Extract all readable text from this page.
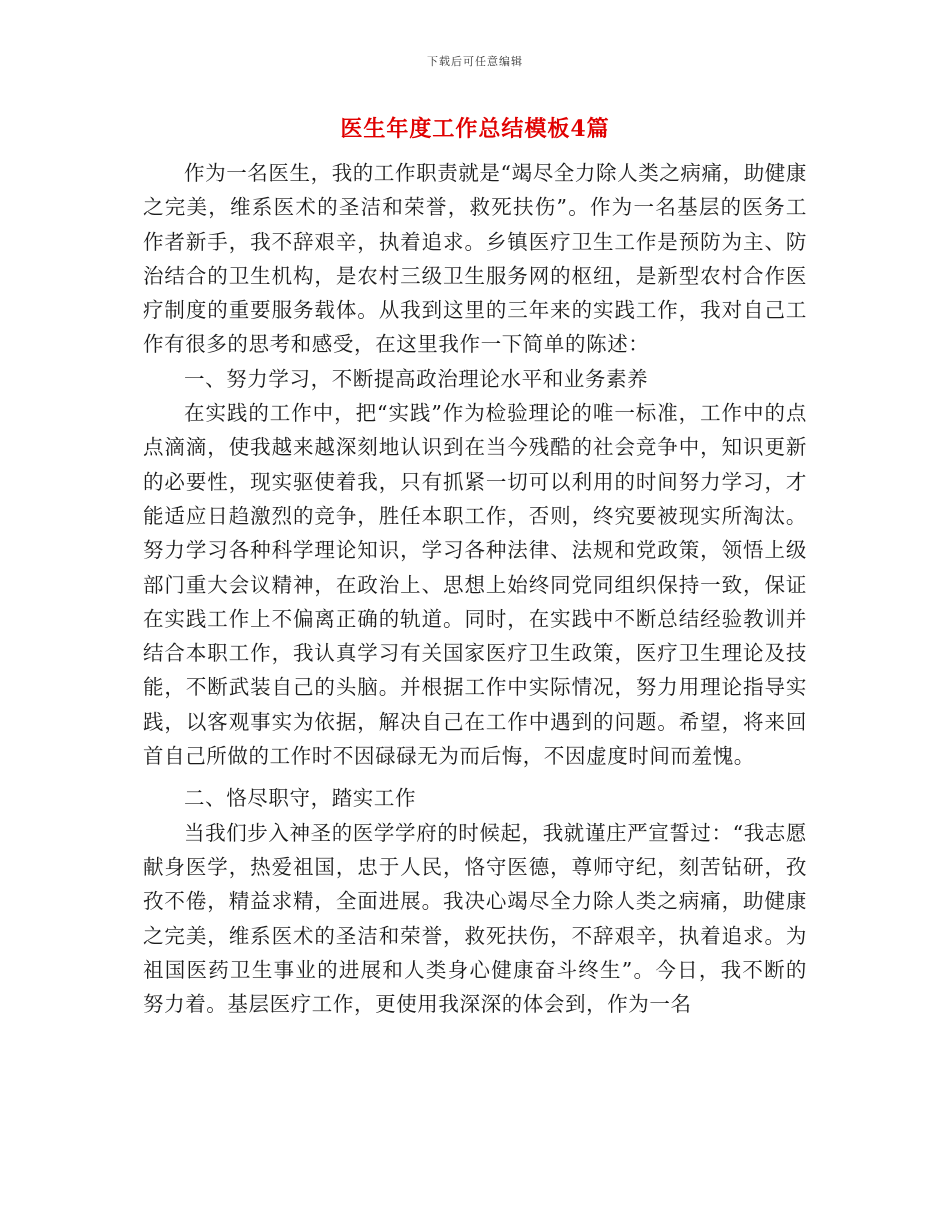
下载后可任意编辑
医生年度工作总结模板4篇

作为一名医生，我的工作职责就是“竭尽全力除人类之病痛，助健康之完美，维系医术的圣洁和荣誉，救死扶伤”。作为一名基层的医务工作者新手，我不辞艰辛，执着追求。乡镇医疗卫生工作是预防为主、防治结合的卫生机构，是农村三级卫生服务网的枢纽，是新型农村合作医疗制度的重要服务载体。从我到这里的三年来的实践工作，我对自己工作有很多的思考和感受，在这里我作一下简单的陈述：

一、努力学习，不断提高政治理论水平和业务素养

在实践的工作中，把“实践”作为检验理论的唯一标准，工作中的点点滴滴，使我越来越深刻地认识到在当今残酷的社会竞争中，知识更新的必要性，现实驱使着我，只有抓紧一切可以利用的时间努力学习，才能适应日趋激烈的竞争，胜任本职工作，否则，终究要被现实所淘汰。努力学习各种科学理论知识，学习各种法律、法规和党政策，领悟上级部门重大会议精神，在政治上、思想上始终同党同组织保持一致，保证在实践工作上不偏离正确的轨道。同时，在实践中不断总结经验教训并结合本职工作，我认真学习有关国家医疗卫生政策，医疗卫生理论及技能，不断武装自己的头脑。并根据工作中实际情况，努力用理论指导实践，以客观事实为依据，解决自己在工作中遇到的问题。希望，将来回首自己所做的工作时不因碌碌无为而后悔，不因虚度时间而羞愧。

二、恪尽职守，踏实工作

当我们步入神圣的医学学府的时候起，我就谨庄严宣誓过：“我志愿献身医学，热爱祖国，忠于人民，恪守医德，尊师守纪，刻苦钻研，孜孜不倦，精益求精，全面进展。我决心竭尽全力除人类之病痛，助健康之完美，维系医术的圣洁和荣誉，救死扶伤，不辞艰辛，执着追求。为祖国医药卫生事业的进展和人类身心健康奋斗终生”。今日，我不断的努力着。基层医疗工作，更使用我深深的体会到，作为一名
